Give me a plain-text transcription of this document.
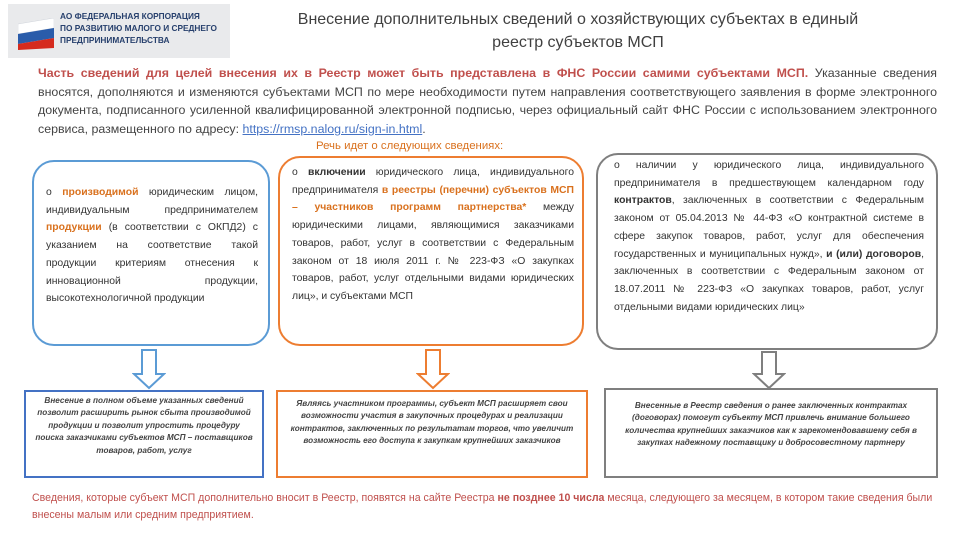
АО ФЕДЕРАЛЬНАЯ КОРПОРАЦИЯ
ПО РАЗВИТИЮ МАЛОГО И СРЕДНЕГО
ПРЕДПРИНИМАТЕЛЬСТВА
Внесение дополнительных сведений о хозяйствующих субъектах в единый
реестр субъектов МСП
Часть сведений для целей внесения их в Реестр может быть представлена в ФНС России самими субъектами МСП. Указанные сведения вносятся, дополняются и изменяются субъектами МСП по мере необходимости путем направления соответствующего заявления в форме электронного документа, подписанного усиленной квалифицированной электронной подписью, через официальный сайт ФНС России с использованием электронного сервиса, размещенного по адресу: https://rmsp.nalog.ru/sign-in.html.
Речь идет о следующих сведениях:
о производимой юридическим лицом, индивидуальным предпринимателем продукции (в соответствии с ОКПД2) с указанием на соответствие такой продукции критериям отнесения к инновационной продукции, высокотехнологичной продукции
о включении юридического лица, индивидуального предпринимателя в реестры (перечни) субъектов МСП – участников программ партнерства* между юридическими лицами, являющимися заказчиками товаров, работ, услуг в соответствии с Федеральным законом от 18 июля 2011 г. № 223-ФЗ «О закупках товаров, работ, услуг отдельными видами юридических лиц», и субъектами МСП
о наличии у юридического лица, индивидуального предпринимателя в предшествующем календарном году контрактов, заключенных в соответствии с Федеральным законом от 05.04.2013 № 44-ФЗ «О контрактной системе в сфере закупок товаров, работ, услуг для обеспечения государственных и муниципальных нужд», и (или) договоров, заключенных в соответствии с Федеральным законом от 18.07.2011 № 223-ФЗ «О закупках товаров, работ, услуг отдельными видами юридических лиц»
Внесение в полном объеме указанных сведений позволит расширить рынок сбыта производимой продукции и позволит упростить процедуру поиска заказчиками субъектов МСП – поставщиков товаров, работ, услуг
Являясь участником программы, субъект МСП расширяет свои возможности участия в закупочных процедурах и реализации контрактов, заключенных по результатам торгов, что увеличит возможность его доступа к закупкам крупнейших заказчиков
Внесенные в Реестр сведения о ранее заключенных контрактах (договорах) помогут субъекту МСП привлечь внимание большего количества крупнейших заказчиков как к зарекомендовавшему себя в закупках надежному поставщику и добросовестному партнеру
Сведения, которые субъект МСП дополнительно вносит в Реестр, появятся на сайте Реестра не позднее 10 числа месяца, следующего за месяцем, в котором такие сведения были внесены малым или средним предприятием.
